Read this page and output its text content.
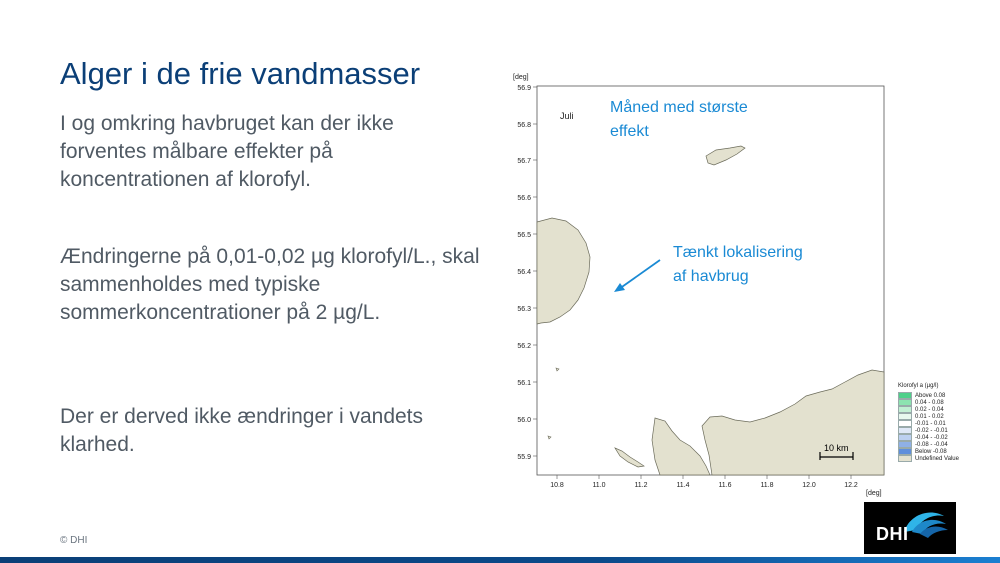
Alger i de frie vandmasser
I og omkring havbruget kan der ikke forventes målbare effekter på koncentrationen af klorofyl.
Ændringerne på 0,01-0,02 µg klorofyl/L., skal sammenholdes med typiske sommerkoncentrationer på 2 µg/L.
Der er derved ikke ændringer i vandets klarhed.
[deg]
[deg]
56.9
56.8
56.7
56.6
56.5
56.4
56.3
56.2
56.1
56.0
55.9
10.8	11.0	11.2	11.4	11.6	11.8	12.0	12.2
Juli Måned med største
effekt
Tænkt lokalisering
af havbrug
10 km
Klorofyl a (µg/l)
Above 0.08
0.04 - 0.08
0.02 - 0.04
0.01 - 0.02
-0.01 - 0.01
-0.02 - -0.01
-0.04 - -0.02
-0.08 - -0.04
Below -0.08
Undefined Value
DHI
© DHI
